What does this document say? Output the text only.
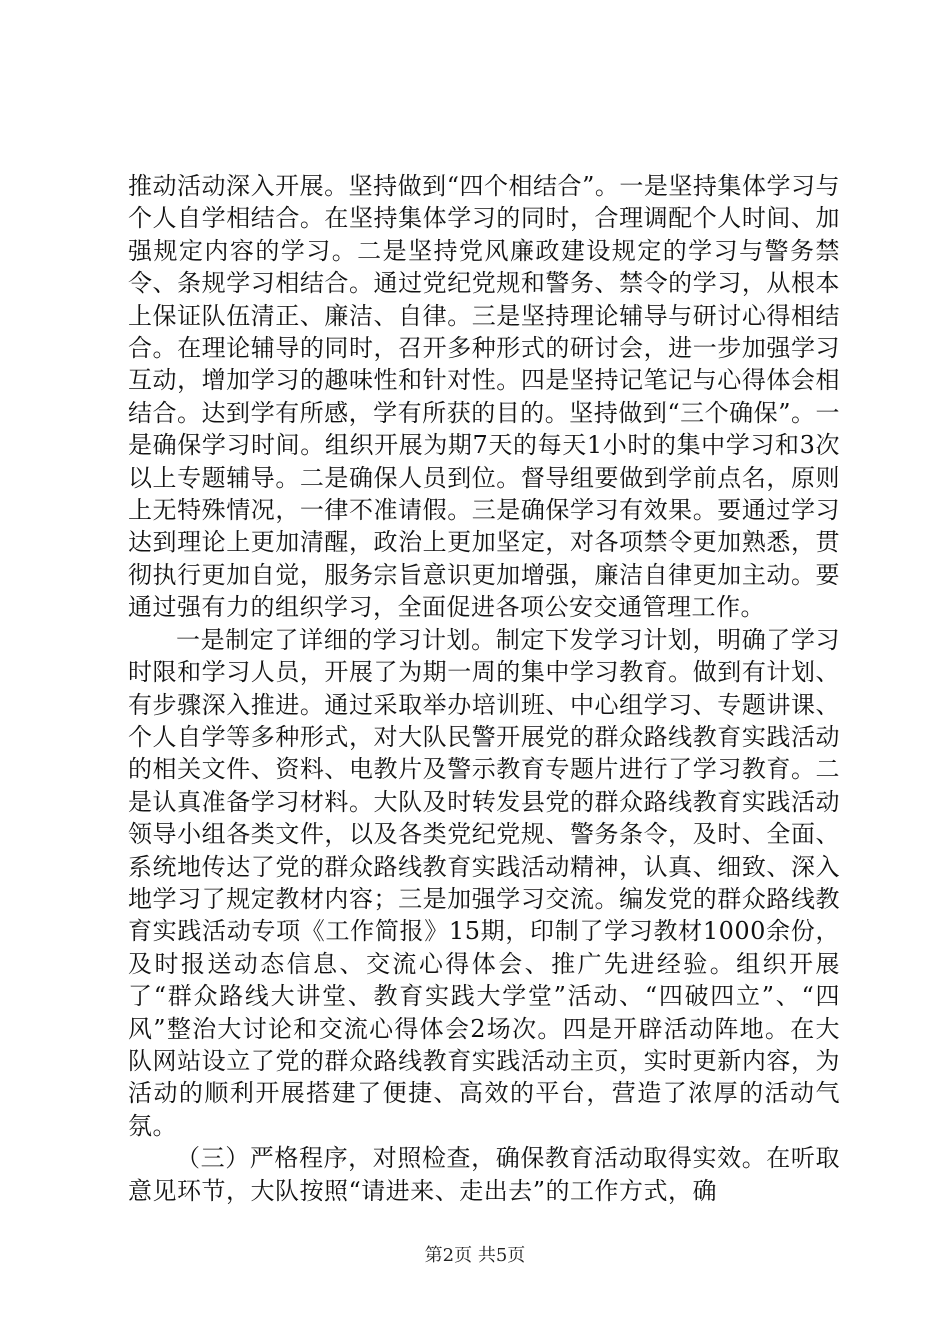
推动活动深入开展。坚持做到“四个相结合”。一是坚持集体学习与个人自学相结合。在坚持集体学习的同时，合理调配个人时间、加强规定内容的学习。二是坚持党风廉政建设规定的学习与警务禁令、条规学习相结合。通过党纪党规和警务、禁令的学习，从根本上保证队伍清正、廉洁、自律。三是坚持理论辅导与研讨心得相结合。在理论辅导的同时，召开多种形式的研讨会，进一步加强学习互动，增加学习的趣味性和针对性。四是坚持记笔记与心得体会相结合。达到学有所感，学有所获的目的。坚持做到“三个确保”。一是确保学习时间。组织开展为期7天的每天1小时的集中学习和3次以上专题辅导。二是确保人员到位。督导组要做到学前点名，原则上无特殊情况，一律不准请假。三是确保学习有效果。要通过学习达到理论上更加清醒，政治上更加坚定，对各项禁令更加熟悉，贯彻执行更加自觉，服务宗旨意识更加增强，廉洁自律更加主动。要通过强有力的组织学习，全面促进各项公安交通管理工作。

一是制定了详细的学习计划。制定下发学习计划，明确了学习时限和学习人员，开展了为期一周的集中学习教育。做到有计划、有步骤深入推进。通过采取举办培训班、中心组学习、专题讲课、个人自学等多种形式，对大队民警开展党的群众路线教育实践活动的相关文件、资料、电教片及警示教育专题片进行了学习教育。二是认真准备学习材料。大队及时转发县党的群众路线教育实践活动领导小组各类文件，以及各类党纪党规、警务条令，及时、全面、系统地传达了党的群众路线教育实践活动精神，认真、细致、深入地学习了规定教材内容；三是加强学习交流。编发党的群众路线教育实践活动专项《工作简报》15期，印制了学习教材1000余份，及时报送动态信息、交流心得体会、推广先进经验。组织开展了“群众路线大讲堂、教育实践大学堂”活动、“四破四立”、“四风”整治大讨论和交流心得体会2场次。四是开辟活动阵地。在大队网站设立了党的群众路线教育实践活动主页，实时更新内容，为活动的顺利开展搭建了便捷、高效的平台，营造了浓厚的活动气氛。

（三）严格程序，对照检查，确保教育活动取得实效。在听取意见环节，大队按照“请进来、走出去”的工作方式，确

第2页 共5页
